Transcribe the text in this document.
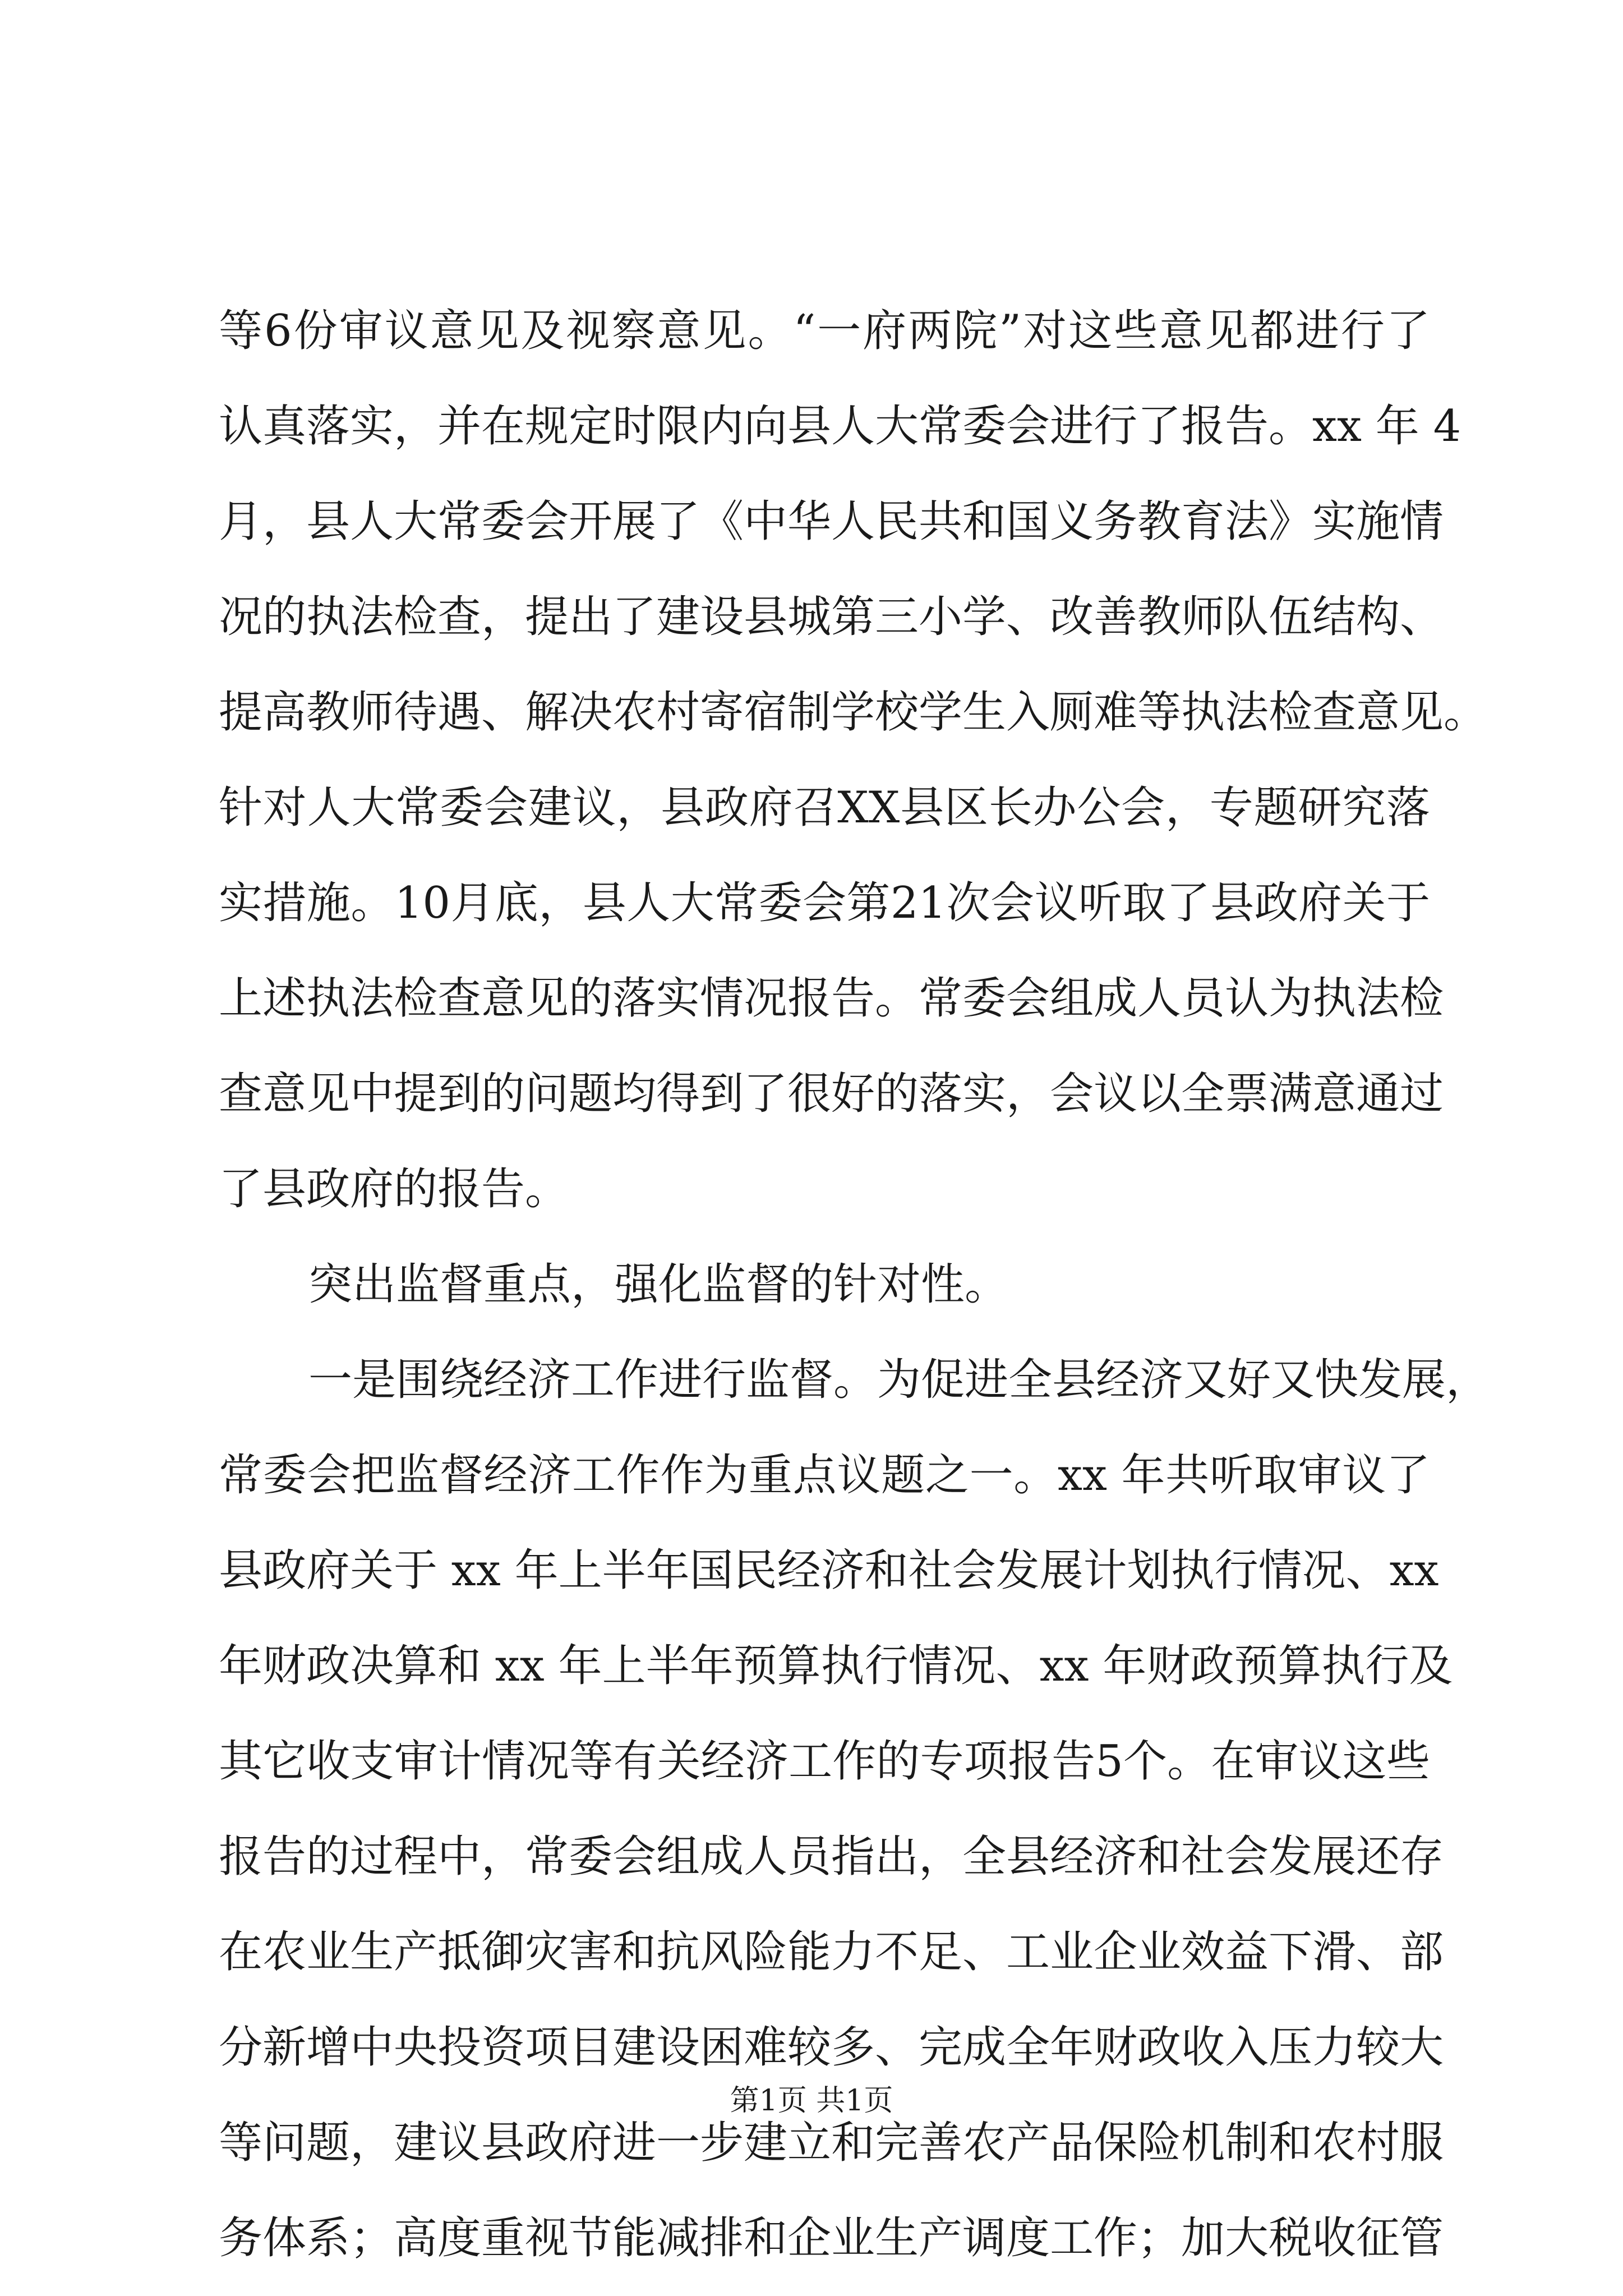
等6份审议意见及视察意见。“一府两院”对这些意见都进行了
认真落实，并在规定时限内向县人大常委会进行了报告。xx 年 4
月，县人大常委会开展了《中华人民共和国义务教育法》实施情
况的执法检查，提出了建设县城第三小学、改善教师队伍结构、
提高教师待遇、解决农村寄宿制学校学生入厕难等执法检查意见。
针对人大常委会建议，县政府召XX县区长办公会，专题研究落
实措施。10月底，县人大常委会第21次会议听取了县政府关于
上述执法检查意见的落实情况报告。常委会组成人员认为执法检
查意见中提到的问题均得到了很好的落实，会议以全票满意通过
了县政府的报告。
突出监督重点，强化监督的针对性。
一是围绕经济工作进行监督。为促进全县经济又好又快发展，
常委会把监督经济工作作为重点议题之一。xx 年共听取审议了
县政府关于 xx 年上半年国民经济和社会发展计划执行情况、xx
年财政决算和 xx 年上半年预算执行情况、xx 年财政预算执行及
其它收支审计情况等有关经济工作的专项报告5个。在审议这些
报告的过程中，常委会组成人员指出，全县经济和社会发展还存
在农业生产抵御灾害和抗风险能力不足、工业企业效益下滑、部
分新增中央投资项目建设困难较多、完成全年财政收入压力较大
等问题，建议县政府进一步建立和完善农产品保险机制和农村服
务体系；高度重视节能减排和企业生产调度工作；加大税收征管
第1页 共1页
